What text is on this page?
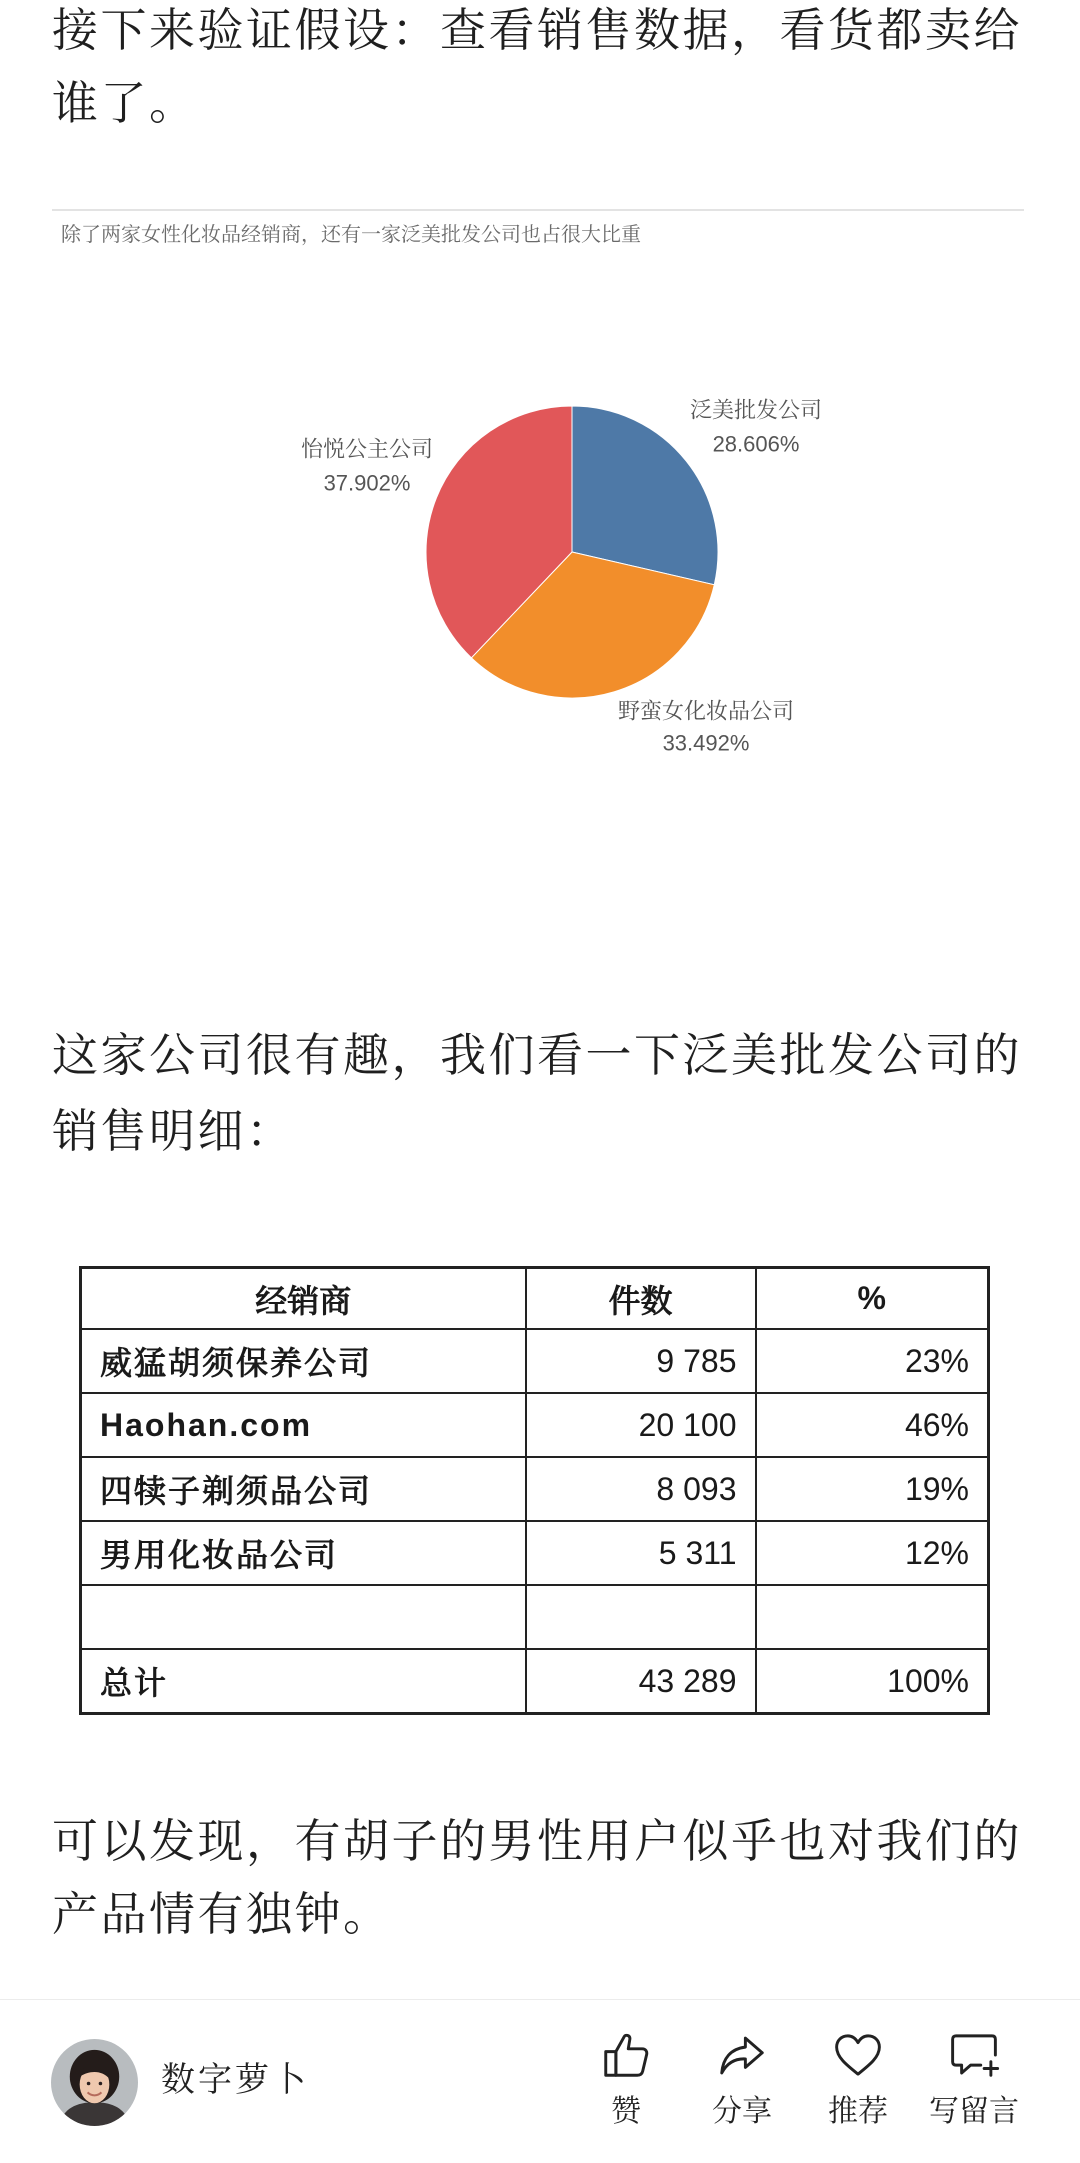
接下来验证假设：查看销售数据，看货都卖给谁了。

除了两家女性化妆品经销商，还有一家泛美批发公司也占很大比重
泛美批发公司
28.606%
野蛮女化妆品公司
33.492%
怡悦公主公司
37.902%

这家公司很有趣，我们看一下泛美批发公司的销售明细：

经销商	件数	%
威猛胡须保养公司	9 785	23%
Haohan.com	20 100	46%
四犊子剃须品公司	8 093	19%
男用化妆品公司	5 311	12%

总计	43 289	100%

可以发现，有胡子的男性用户似乎也对我们的产品情有独钟。

数字萝卜
赞 分享 推荐 写留言
